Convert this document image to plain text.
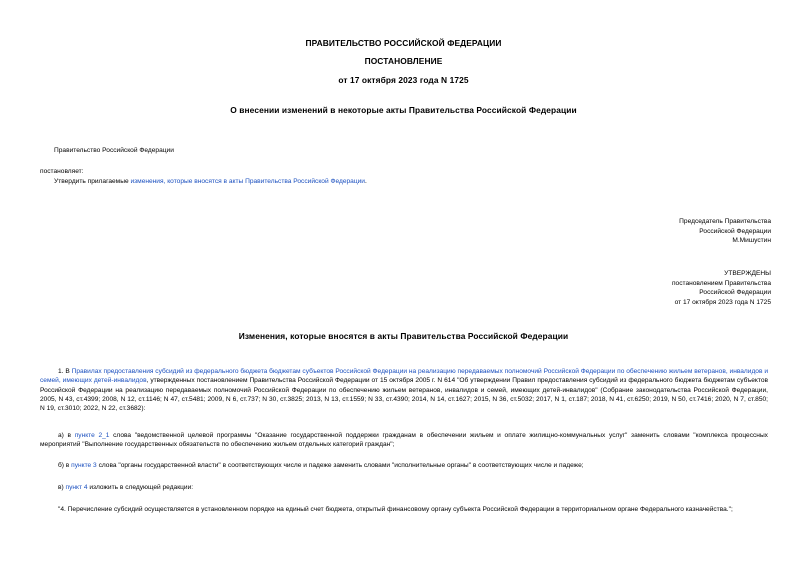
ПРАВИТЕЛЬСТВО РОССИЙСКОЙ ФЕДЕРАЦИИ
ПОСТАНОВЛЕНИЕ
от 17 октября 2023 года N 1725
О внесении изменений в некоторые акты Правительства Российской Федерации
Правительство Российской Федерации
постановляет:
Утвердить прилагаемые изменения, которые вносятся в акты Правительства Российской Федерации.
Председатель Правительства
Российской Федерации
М.Мишустин
УТВЕРЖДЕНЫ
постановлением Правительства
Российской Федерации
от 17 октября 2023 года N 1725
Изменения, которые вносятся в акты Правительства Российской Федерации
1. В Правилах предоставления субсидий из федерального бюджета бюджетам субъектов Российской Федерации на реализацию передаваемых полномочий Российской Федерации по обеспечению жильем ветеранов, инвалидов и семей, имеющих детей-инвалидов, утвержденных постановлением Правительства Российской Федерации от 15 октября 2005 г. N 614 "Об утверждении Правил предоставления субсидий из федерального бюджета бюджетам субъектов Российской Федерации на реализацию передаваемых полномочий Российской Федерации по обеспечению жильем ветеранов, инвалидов и семей, имеющих детей-инвалидов" (Собрание законодательства Российской Федерации, 2005, N 43, ст.4399; 2008, N 12, ст.1146; N 47, ст.5481; 2009, N 6, ст.737; N 30, ст.3825; 2013, N 13, ст.1559; N 33, ст.4390; 2014, N 14, ст.1627; 2015, N 36, ст.5032; 2017, N 1, ст.187; 2018, N 41, ст.6250; 2019, N 50, ст.7416; 2020, N 7, ст.850; N 19, ст.3010; 2022, N 22, ст.3682):
а) в пункте 2_1 слова "ведомственной целевой программы "Оказание государственной поддержки гражданам в обеспечении жильем и оплате жилищно-коммунальных услуг" заменить словами "комплекса процессных мероприятий "Выполнение государственных обязательств по обеспечению жильем отдельных категорий граждан";
б) в пункте 3 слова "органы государственной власти" в соответствующих числе и падеже заменить словами "исполнительные органы" в соответствующих числе и падеже;
в) пункт 4 изложить в следующей редакции:
"4. Перечисление субсидий осуществляется в установленном порядке на единый счет бюджета, открытый финансовому органу субъекта Российской Федерации в территориальном органе Федерального казначейства.";
